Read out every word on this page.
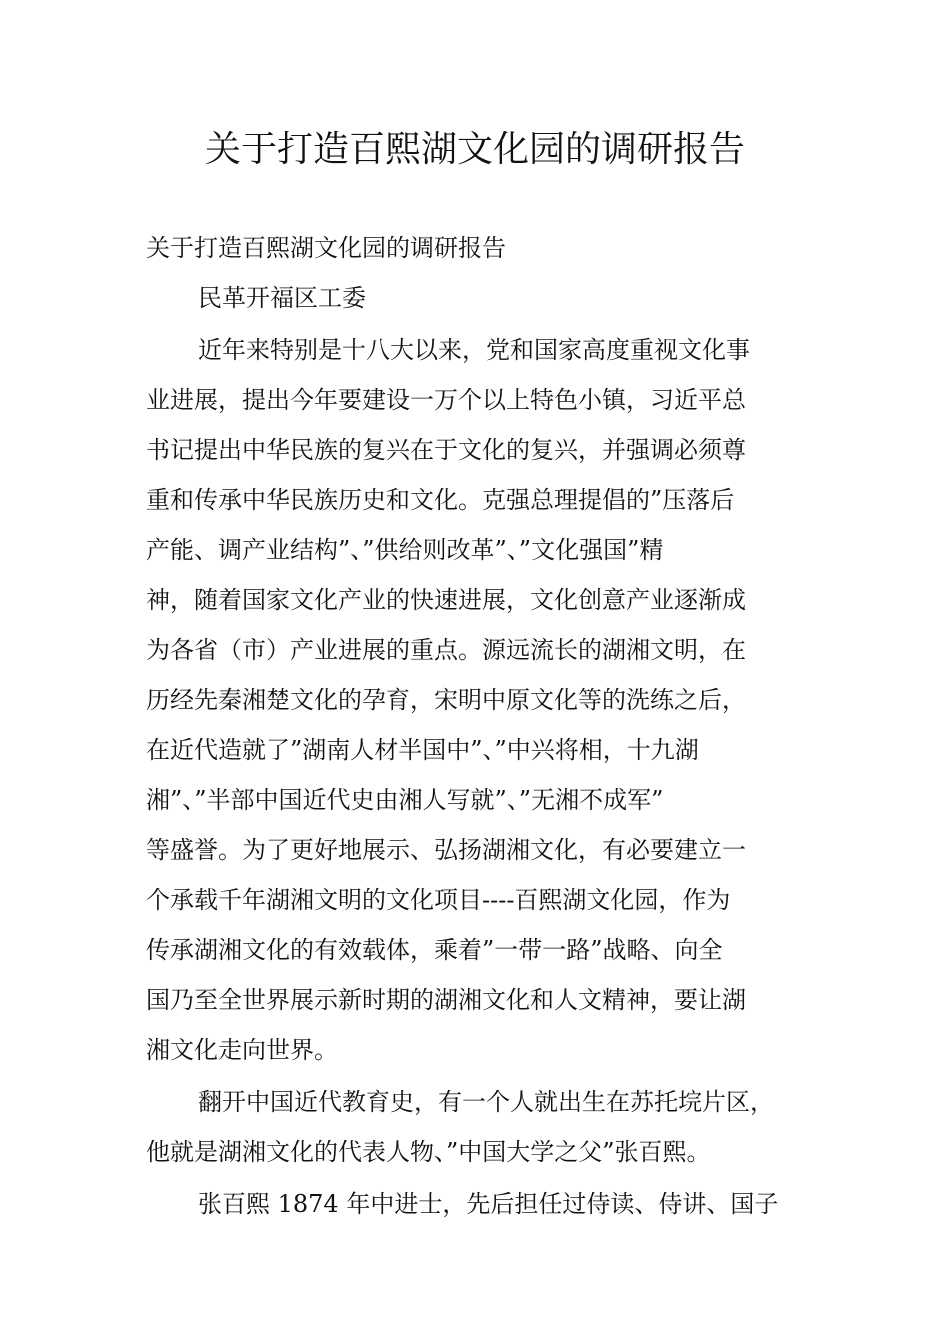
关于打造百熙湖文化园的调研报告

关于打造百熙湖文化园的调研报告

民革开福区工委

近年来特别是十八大以来，党和国家高度重视文化事

业进展，提出今年要建设一万个以上特色小镇，习近平总

书记提出中华民族的复兴在于文化的复兴，并强调必须尊

重和传承中华民族历史和文化。克强总理提倡的”压落后

产能、调产业结构”、”供给则改革”、”文化强国”精

神，随着国家文化产业的快速进展，文化创意产业逐渐成

为各省（市）产业进展的重点。源远流长的湖湘文明，在

历经先秦湘楚文化的孕育，宋明中原文化等的洗练之后，

在近代造就了”湖南人材半国中”、”中兴将相，十九湖

湘”、”半部中国近代史由湘人写就”、”无湘不成军”

等盛誉。为了更好地展示、弘扬湖湘文化，有必要建立一

个承载千年湖湘文明的文化项目----百熙湖文化园，作为

传承湖湘文化的有效载体，乘着”一带一路”战略、向全

国乃至全世界展示新时期的湖湘文化和人文精神，要让湖

湘文化走向世界。

翻开中国近代教育史，有一个人就出生在苏托垸片区，

他就是湖湘文化的代表人物、”中国大学之父”张百熙。

张百熙 1874 年中进士，先后担任过侍读、侍讲、国子
